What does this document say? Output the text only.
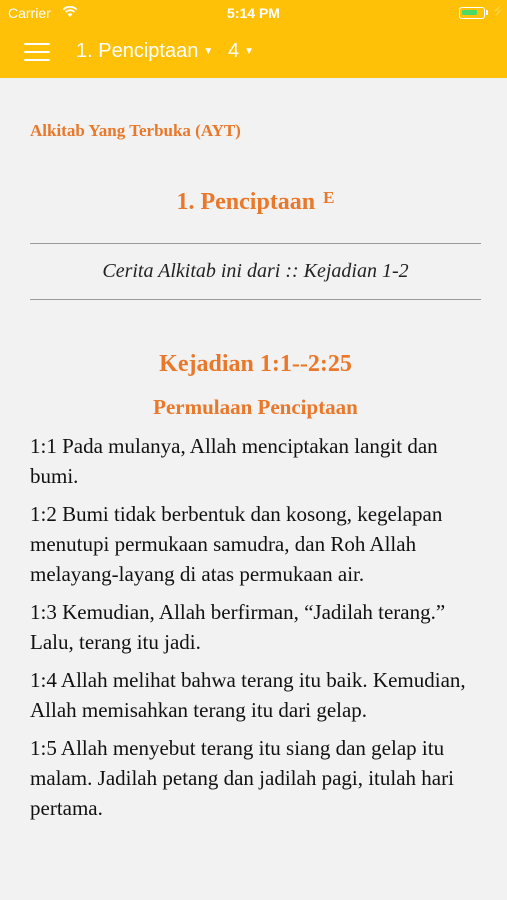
Carrier	5:14 PM	⚡
1. Penciptaan ▼ 4 ▼
Alkitab Yang Terbuka (AYT)
1. Penciptaan $^E$
Cerita Alkitab ini dari :: Kejadian 1-2
Kejadian 1:1--2:25
Permulaan Penciptaan

1:1 Pada mulanya, Allah menciptakan langit dan bumi.

1:2 Bumi tidak berbentuk dan kosong, kegelapan menutupi permukaan samudra, dan Roh Allah melayang-layang di atas permukaan air.

1:3 Kemudian, Allah berfirman, “Jadilah terang.” Lalu, terang itu jadi.

1:4 Allah melihat bahwa terang itu baik. Kemudian, Allah memisahkan terang itu dari gelap.

1:5 Allah menyebut terang itu siang dan gelap itu malam. Jadilah petang dan jadilah pagi, itulah hari pertama.
